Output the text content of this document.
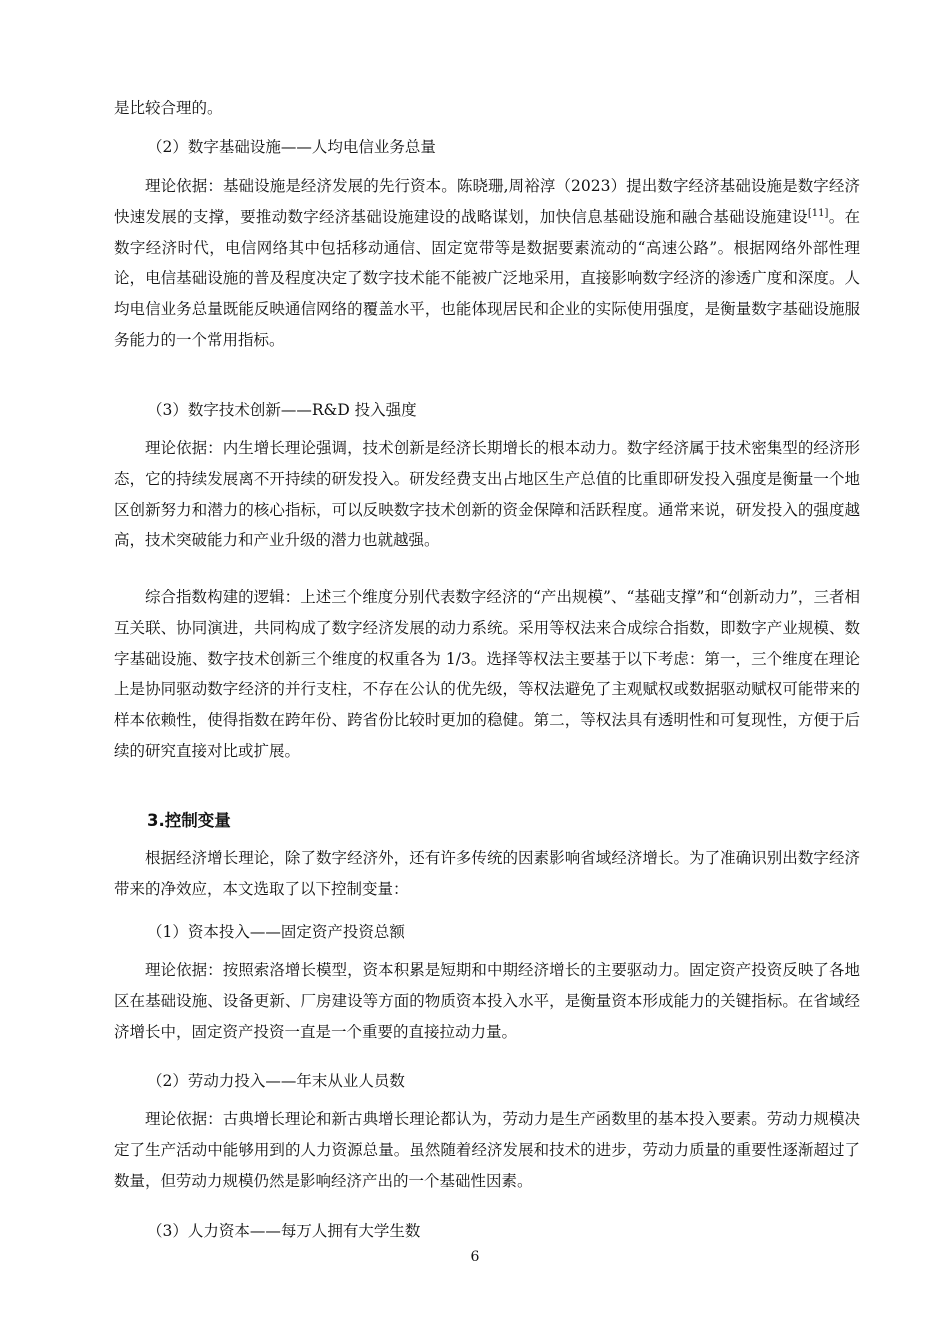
是比较合理的。

（2）数字基础设施——人均电信业务总量

理论依据：基础设施是经济发展的先行资本。陈晓珊,周裕淳（2023）提出数字经济基础设施是数字经济快速发展的支撑，要推动数字经济基础设施建设的战略谋划，加快信息基础设施和融合基础设施建设[11]。在数字经济时代，电信网络其中包括移动通信、固定宽带等是数据要素流动的“高速公路”。根据网络外部性理论，电信基础设施的普及程度决定了数字技术能不能被广泛地采用，直接影响数字经济的渗透广度和深度。人均电信业务总量既能反映通信网络的覆盖水平，也能体现居民和企业的实际使用强度，是衡量数字基础设施服务能力的一个常用指标。

（3）数字技术创新——R&D 投入强度

理论依据：内生增长理论强调，技术创新是经济长期增长的根本动力。数字经济属于技术密集型的经济形态，它的持续发展离不开持续的研发投入。研发经费支出占地区生产总值的比重即研发投入强度是衡量一个地区创新努力和潜力的核心指标，可以反映数字技术创新的资金保障和活跃程度。通常来说，研发投入的强度越高，技术突破能力和产业升级的潜力也就越强。

综合指数构建的逻辑：上述三个维度分别代表数字经济的“产出规模”、“基础支撑”和“创新动力”，三者相互关联、协同演进，共同构成了数字经济发展的动力系统。采用等权法来合成综合指数，即数字产业规模、数字基础设施、数字技术创新三个维度的权重各为 1/3。选择等权法主要基于以下考虑：第一，三个维度在理论上是协同驱动数字经济的并行支柱，不存在公认的优先级，等权法避免了主观赋权或数据驱动赋权可能带来的样本依赖性，使得指数在跨年份、跨省份比较时更加的稳健。第二，等权法具有透明性和可复现性，方便于后续的研究直接对比或扩展。

3.控制变量

根据经济增长理论，除了数字经济外，还有许多传统的因素影响省域经济增长。为了准确识别出数字经济带来的净效应，本文选取了以下控制变量：

（1）资本投入——固定资产投资总额

理论依据：按照索洛增长模型，资本积累是短期和中期经济增长的主要驱动力。固定资产投资反映了各地区在基础设施、设备更新、厂房建设等方面的物质资本投入水平，是衡量资本形成能力的关键指标。在省域经济增长中，固定资产投资一直是一个重要的直接拉动力量。

（2）劳动力投入——年末从业人员数

理论依据：古典增长理论和新古典增长理论都认为，劳动力是生产函数里的基本投入要素。劳动力规模决定了生产活动中能够用到的人力资源总量。虽然随着经济发展和技术的进步，劳动力质量的重要性逐渐超过了数量，但劳动力规模仍然是影响经济产出的一个基础性因素。

（3）人力资本——每万人拥有大学生数

6
